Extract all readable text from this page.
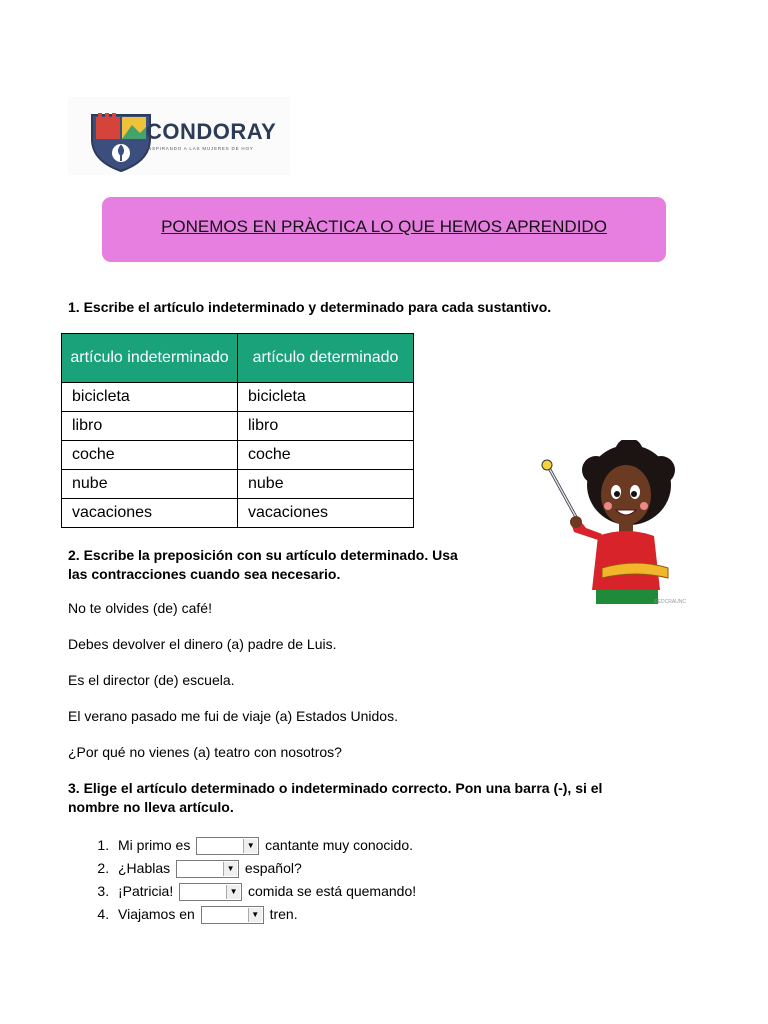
CONDORAY
INSPIRANDO A LAS MUJERES DE HOY
PONEMOS EN PRÀCTICA LO QUE HEMOS APRENDIDO
1. Escribe el artículo indeterminado y determinado para cada sustantivo.
artículo indeterminado	artículo determinado
bicicleta	bicicleta
libro	libro
coche	coche
nube	nube
vacaciones	vacaciones
©EDCRAUNC
2. Escribe la preposición con su artículo determinado. Usa
las contracciones cuando sea necesario.
No te olvides (de) café!
Debes devolver el dinero (a) padre de Luis.
Es el director (de) escuela.
El verano pasado me fui de viaje (a) Estados Unidos.
¿Por qué no vienes (a) teatro con nosotros?
3. Elige el artículo determinado o indeterminado correcto. Pon una barra (-), si el
nombre no lleva artículo.
1. Mi primo es	▼ cantante muy conocido.
2. ¿Hablas	▼ español?
3. ¡Patricia!	▼ comida se está quemando!
4. Viajamos en	▼ tren.
